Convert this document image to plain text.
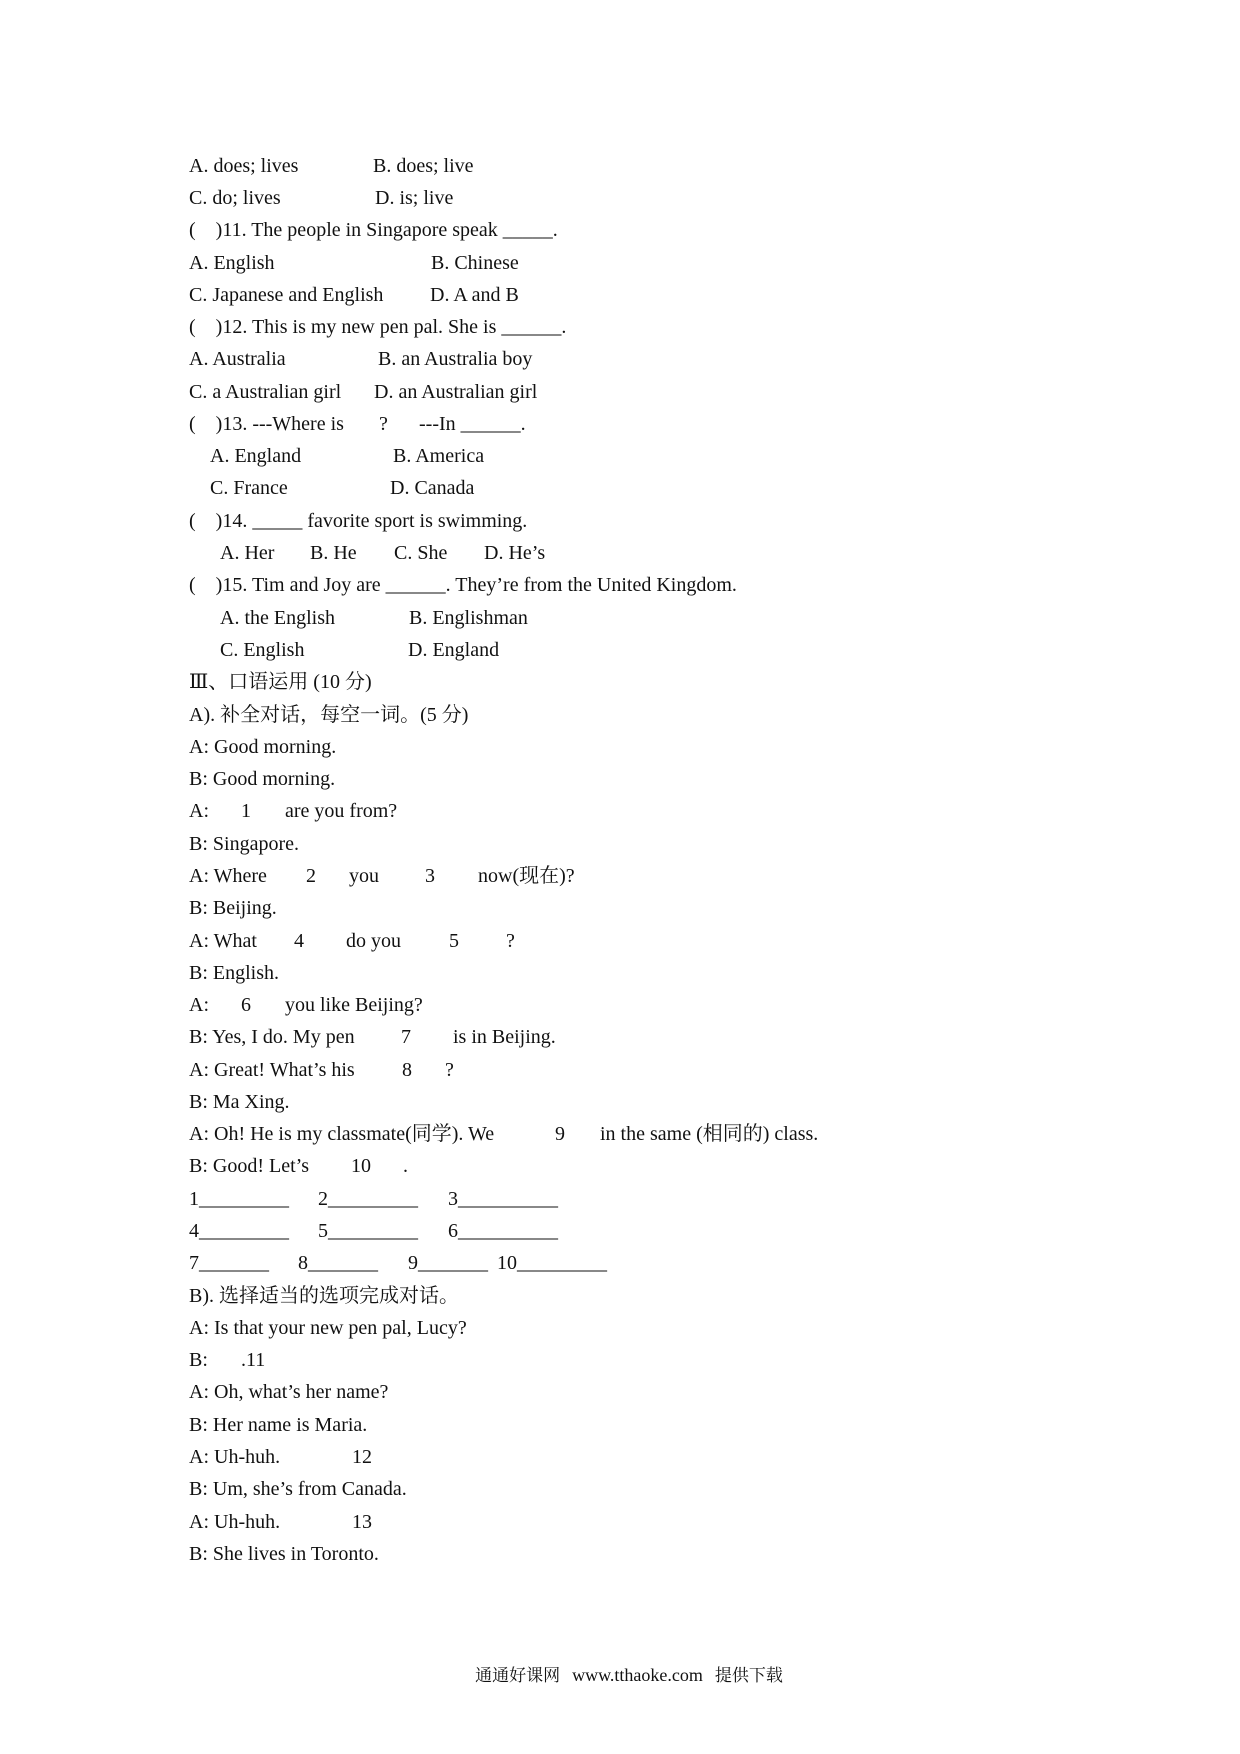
A. does; lives

	B. does; live

C. do; lives

	D. is; live

(    )11. The people in Singapore speak _____.

A. English

	B. Chinese

C. Japanese and English

D. A and B

(    )12. This is my new pen pal. She is ______.

A. Australia

	B. an Australia boy

C. a Australian girl

D. an Australian girl

(    )13. ---Where is

?

---In ______.

A. England

	B. America

C. France

	D. Canada

(    )14. _____ favorite sport is swimming.

A. Her

B. He

C. She

D. He’s

(    )15. Tim and Joy are ______. They’re from the United Kingdom.

A. the English

	B. Englishman

C. English

	D. England

Ⅲ、口语运用 (10 分)

A). 补全对话，每空一词。(5 分)

A: Good morning.

B: Good morning.

A:

1

are you from?

B: Singapore.

A: Where

2

you

3

now(现在)?

B: Beijing.

A: What

4

do you

5

?

B: English.

A:

6

you like Beijing?

B: Yes, I do. My pen

7

is in Beijing.

A: Great! What’s his

8

?

B: Ma Xing.

A: Oh! He is my classmate(同学). We

	9

in the same (相同的) class.

B: Good! Let’s

10

.

1_________

2_________

3__________

4_________

5_________

6__________

7_______

8_______

9_______

10_________

B). 选择适当的选项完成对话。

A: Is that your new pen pal, Lucy?

B:

.11

A: Oh, what’s her name?

B: Her name is Maria.

A: Uh-huh.

	12

B: Um, she’s from Canada.

A: Uh-huh.

	13

B: She lives in Toronto.

通通好课网 www.tthaoke.com 提供下载
